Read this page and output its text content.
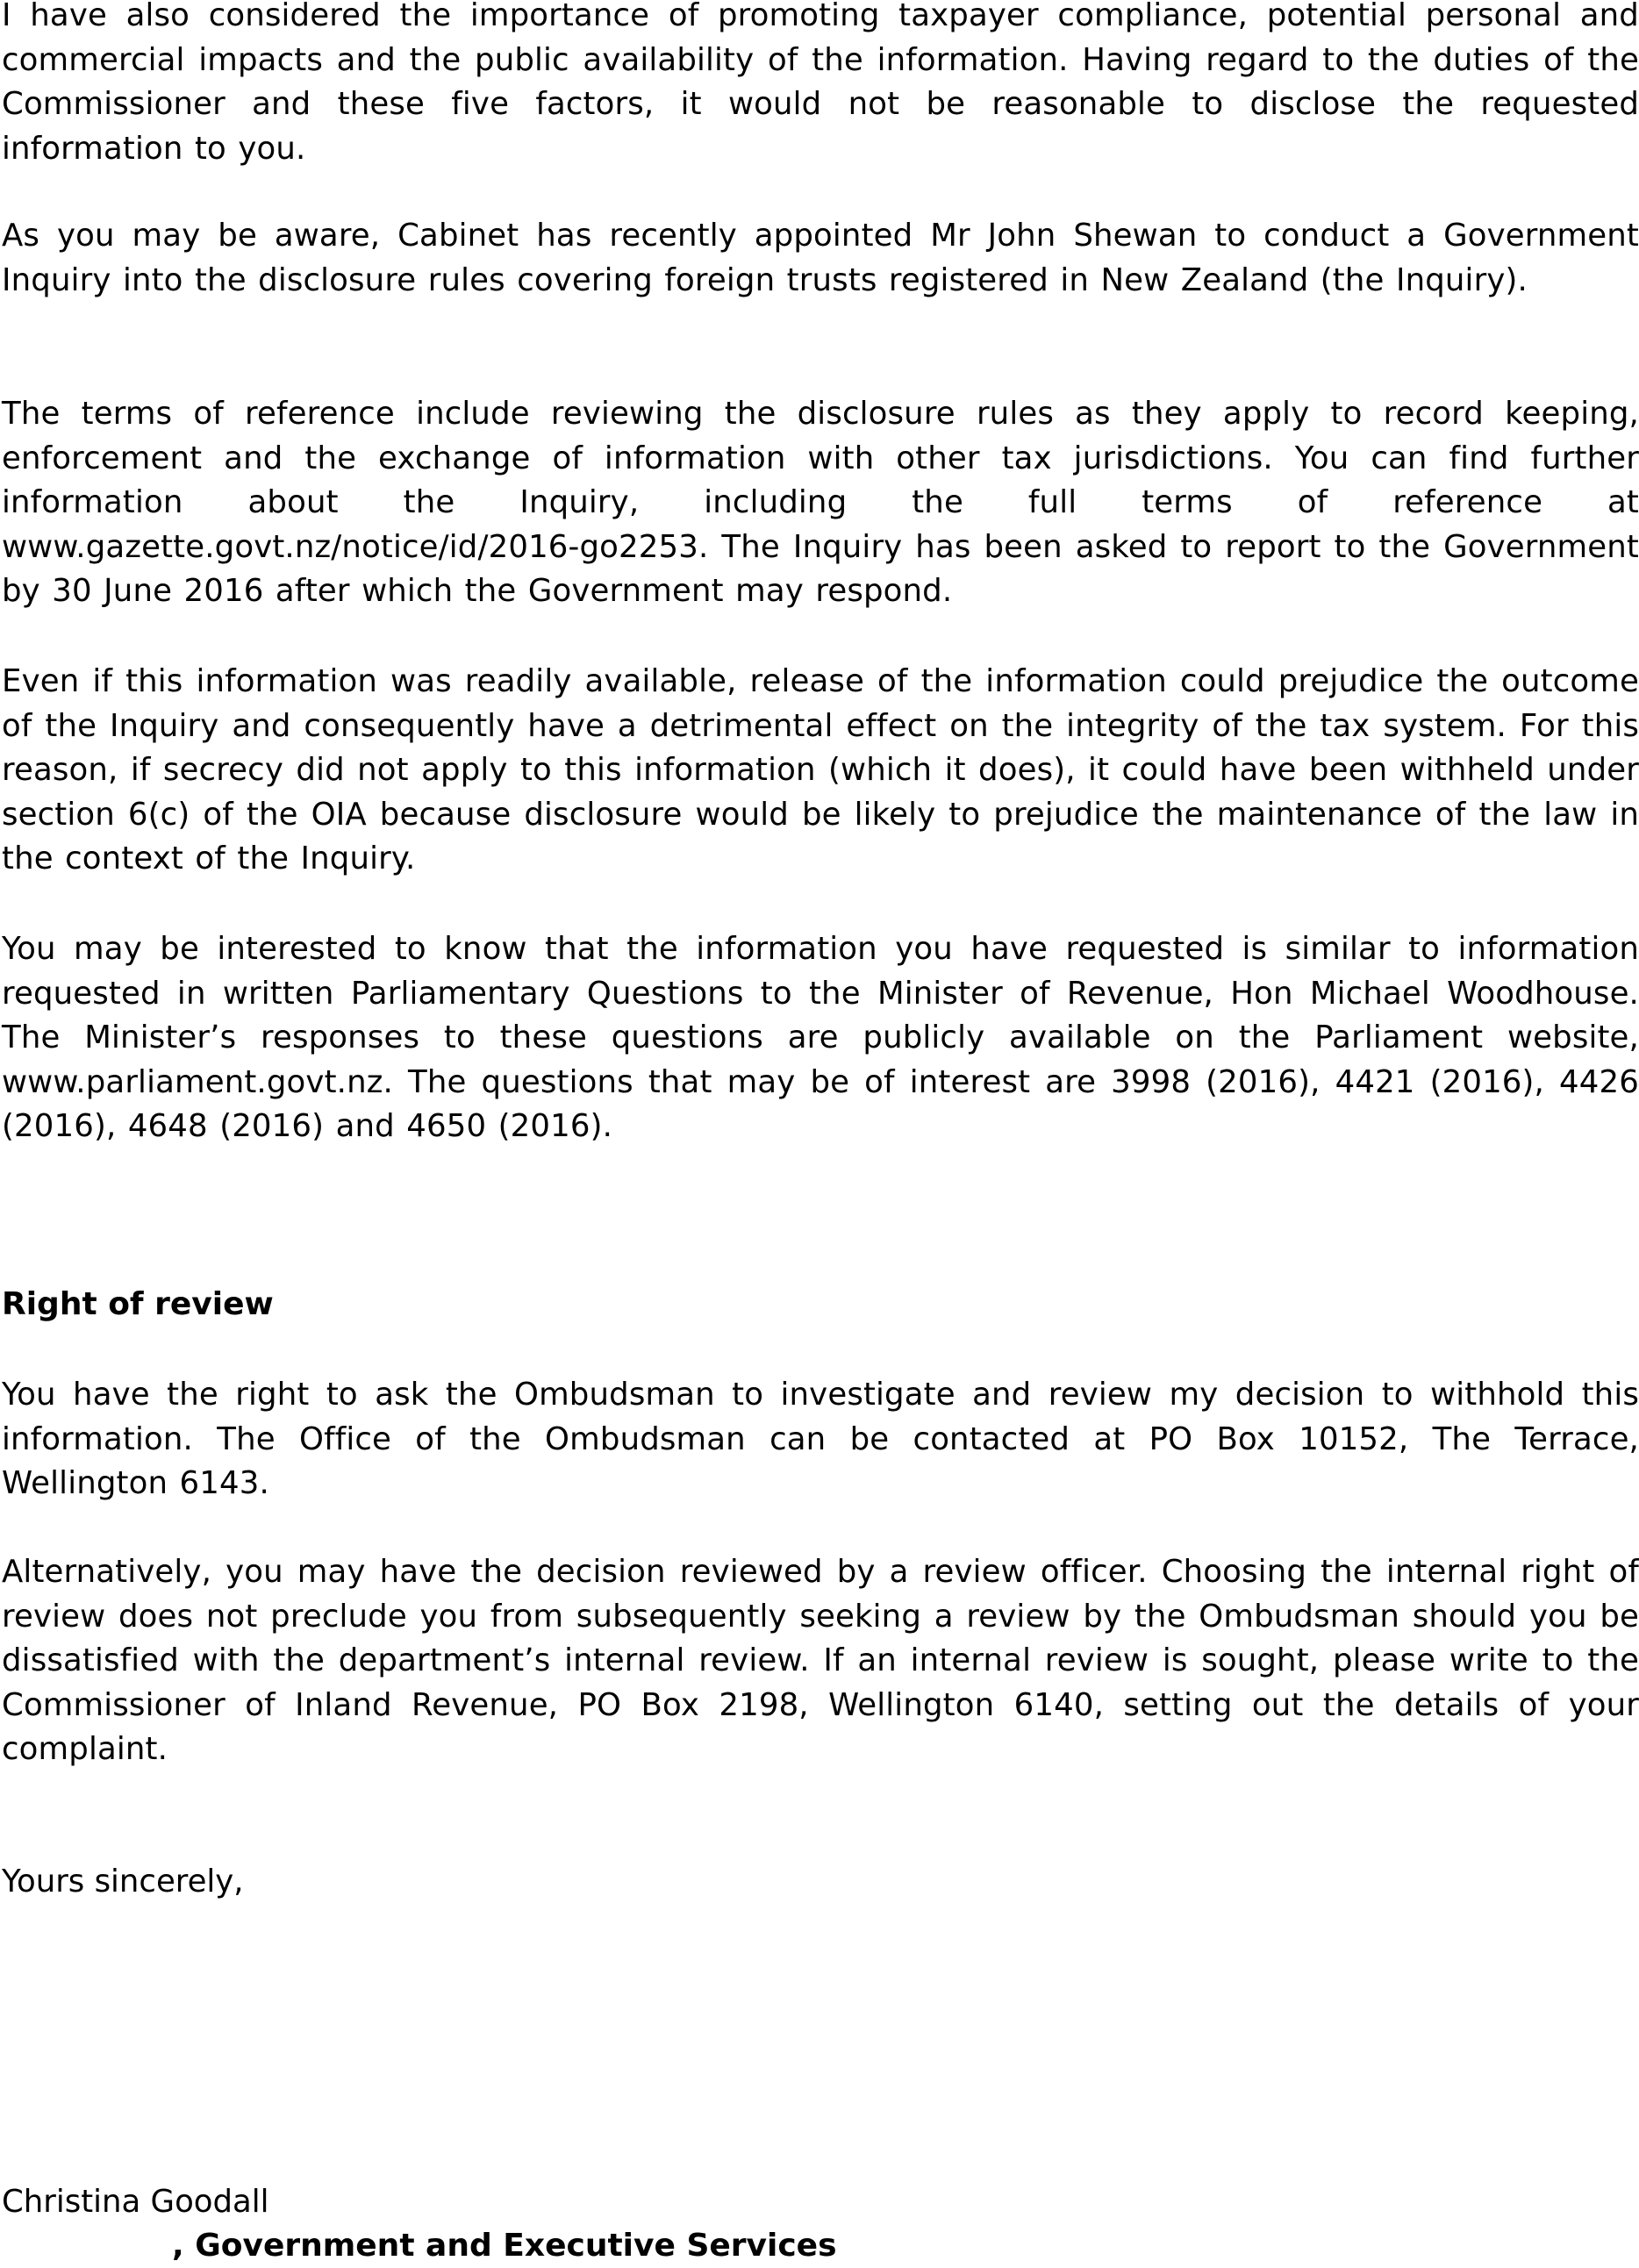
I have also considered the importance of promoting taxpayer compliance, potential personal and commercial impacts and the public availability of the information. Having regard to the duties of the Commissioner and these five factors, it would not be reasonable to disclose the requested information to you.

As you may be aware, Cabinet has recently appointed Mr John Shewan to conduct a Government Inquiry into the disclosure rules covering foreign trusts registered in New Zealand (the Inquiry).

The terms of reference include reviewing the disclosure rules as they apply to record keeping, enforcement and the exchange of information with other tax jurisdictions. You can find further information about the Inquiry, including the full terms of reference at www.gazette.govt.nz/notice/id/2016-go2253. The Inquiry has been asked to report to the Government by 30 June 2016 after which the Government may respond.

Even if this information was readily available, release of the information could prejudice the outcome of the Inquiry and consequently have a detrimental effect on the integrity of the tax system. For this reason, if secrecy did not apply to this information (which it does), it could have been withheld under section 6(c) of the OIA because disclosure would be likely to prejudice the maintenance of the law in the context of the Inquiry.

You may be interested to know that the information you have requested is similar to information requested in written Parliamentary Questions to the Minister of Revenue, Hon Michael Woodhouse. The Minister’s responses to these questions are publicly available on the Parliament website, www.parliament.govt.nz. The questions that may be of interest are 3998 (2016), 4421 (2016), 4426 (2016), 4648 (2016) and 4650 (2016).

Right of review

You have the right to ask the Ombudsman to investigate and review my decision to withhold this information. The Office of the Ombudsman can be contacted at PO Box 10152, The Terrace, Wellington 6143.

Alternatively, you may have the decision reviewed by a review officer. Choosing the internal right of review does not preclude you from subsequently seeking a review by the Ombudsman should you be dissatisfied with the department’s internal review. If an internal review is sought, please write to the Commissioner of Inland Revenue, PO Box 2198, Wellington 6140, setting out the details of your complaint.

Yours sincerely,

Christina Goodall

, Government and Executive Services
